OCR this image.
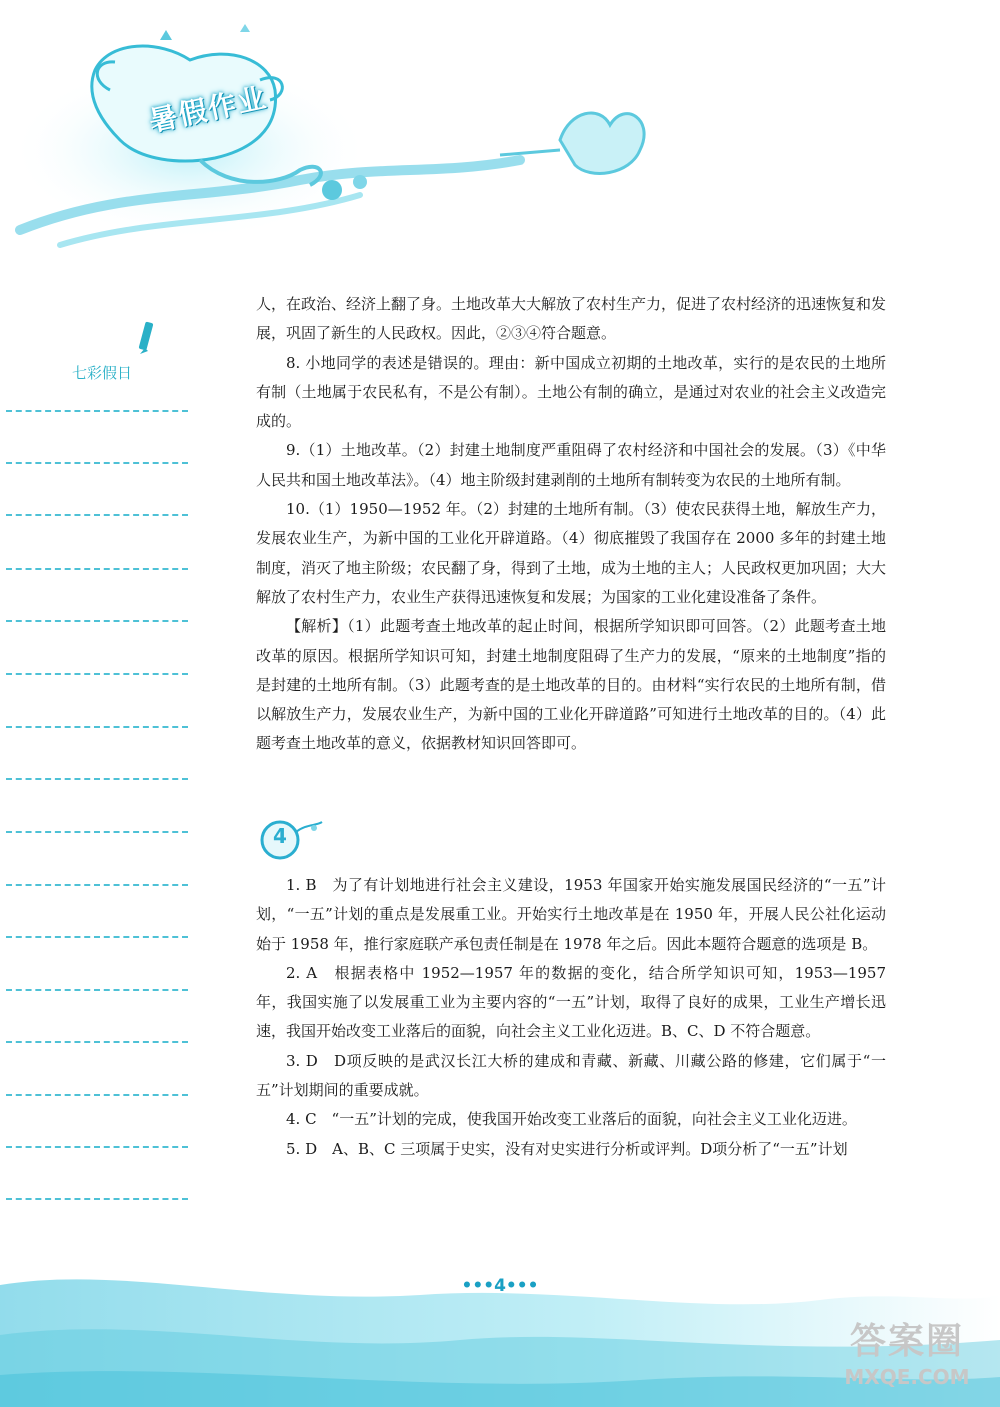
暑假作业
七彩假日

人，在政治、经济上翻了身。土地改革大大解放了农村生产力，促进了农村经济的迅速恢复和发展，巩固了新生的人民政权。因此，②③④符合题意。

8. 小地同学的表述是错误的。理由：新中国成立初期的土地改革，实行的是农民的土地所有制（土地属于农民私有，不是公有制）。土地公有制的确立，是通过对农业的社会主义改造完成的。

9.（1）土地改革。（2）封建土地制度严重阻碍了农村经济和中国社会的发展。（3）《中华人民共和国土地改革法》。（4）地主阶级封建剥削的土地所有制转变为农民的土地所有制。

10.（1）1950—1952 年。（2）封建的土地所有制。（3）使农民获得土地，解放生产力，发展农业生产，为新中国的工业化开辟道路。（4）彻底摧毁了我国存在 2000 多年的封建土地制度，消灭了地主阶级；农民翻了身，得到了土地，成为土地的主人；人民政权更加巩固；大大解放了农村生产力，农业生产获得迅速恢复和发展；为国家的工业化建设准备了条件。

【解析】（1）此题考查土地改革的起止时间，根据所学知识即可回答。（2）此题考查土地改革的原因。根据所学知识可知，封建土地制度阻碍了生产力的发展，“原来的土地制度”指的是封建的土地所有制。（3）此题考查的是土地改革的目的。由材料“实行农民的土地所有制，借以解放生产力，发展农业生产，为新中国的工业化开辟道路”可知进行土地改革的目的。（4）此题考查土地改革的意义，依据教材知识回答即可。

4

1. B　为了有计划地进行社会主义建设，1953 年国家开始实施发展国民经济的“一五”计划，“一五”计划的重点是发展重工业。开始实行土地改革是在 1950 年，开展人民公社化运动始于 1958 年，推行家庭联产承包责任制是在 1978 年之后。因此本题符合题意的选项是 B。

2. A　根据表格中 1952—1957 年的数据的变化，结合所学知识可知，1953—1957 年，我国实施了以发展重工业为主要内容的“一五”计划，取得了良好的成果，工业生产增长迅速，我国开始改变工业落后的面貌，向社会主义工业化迈进。B、C、D 不符合题意。

3. D　D项反映的是武汉长江大桥的建成和青藏、新藏、川藏公路的修建，它们属于“一五”计划期间的重要成就。

4. C　“一五”计划的完成，使我国开始改变工业落后的面貌，向社会主义工业化迈进。

5. D　A、B、C 三项属于史实，没有对史实进行分析或评判。D项分析了“一五”计划

•••4•••
答案圈
MXQE.COM
